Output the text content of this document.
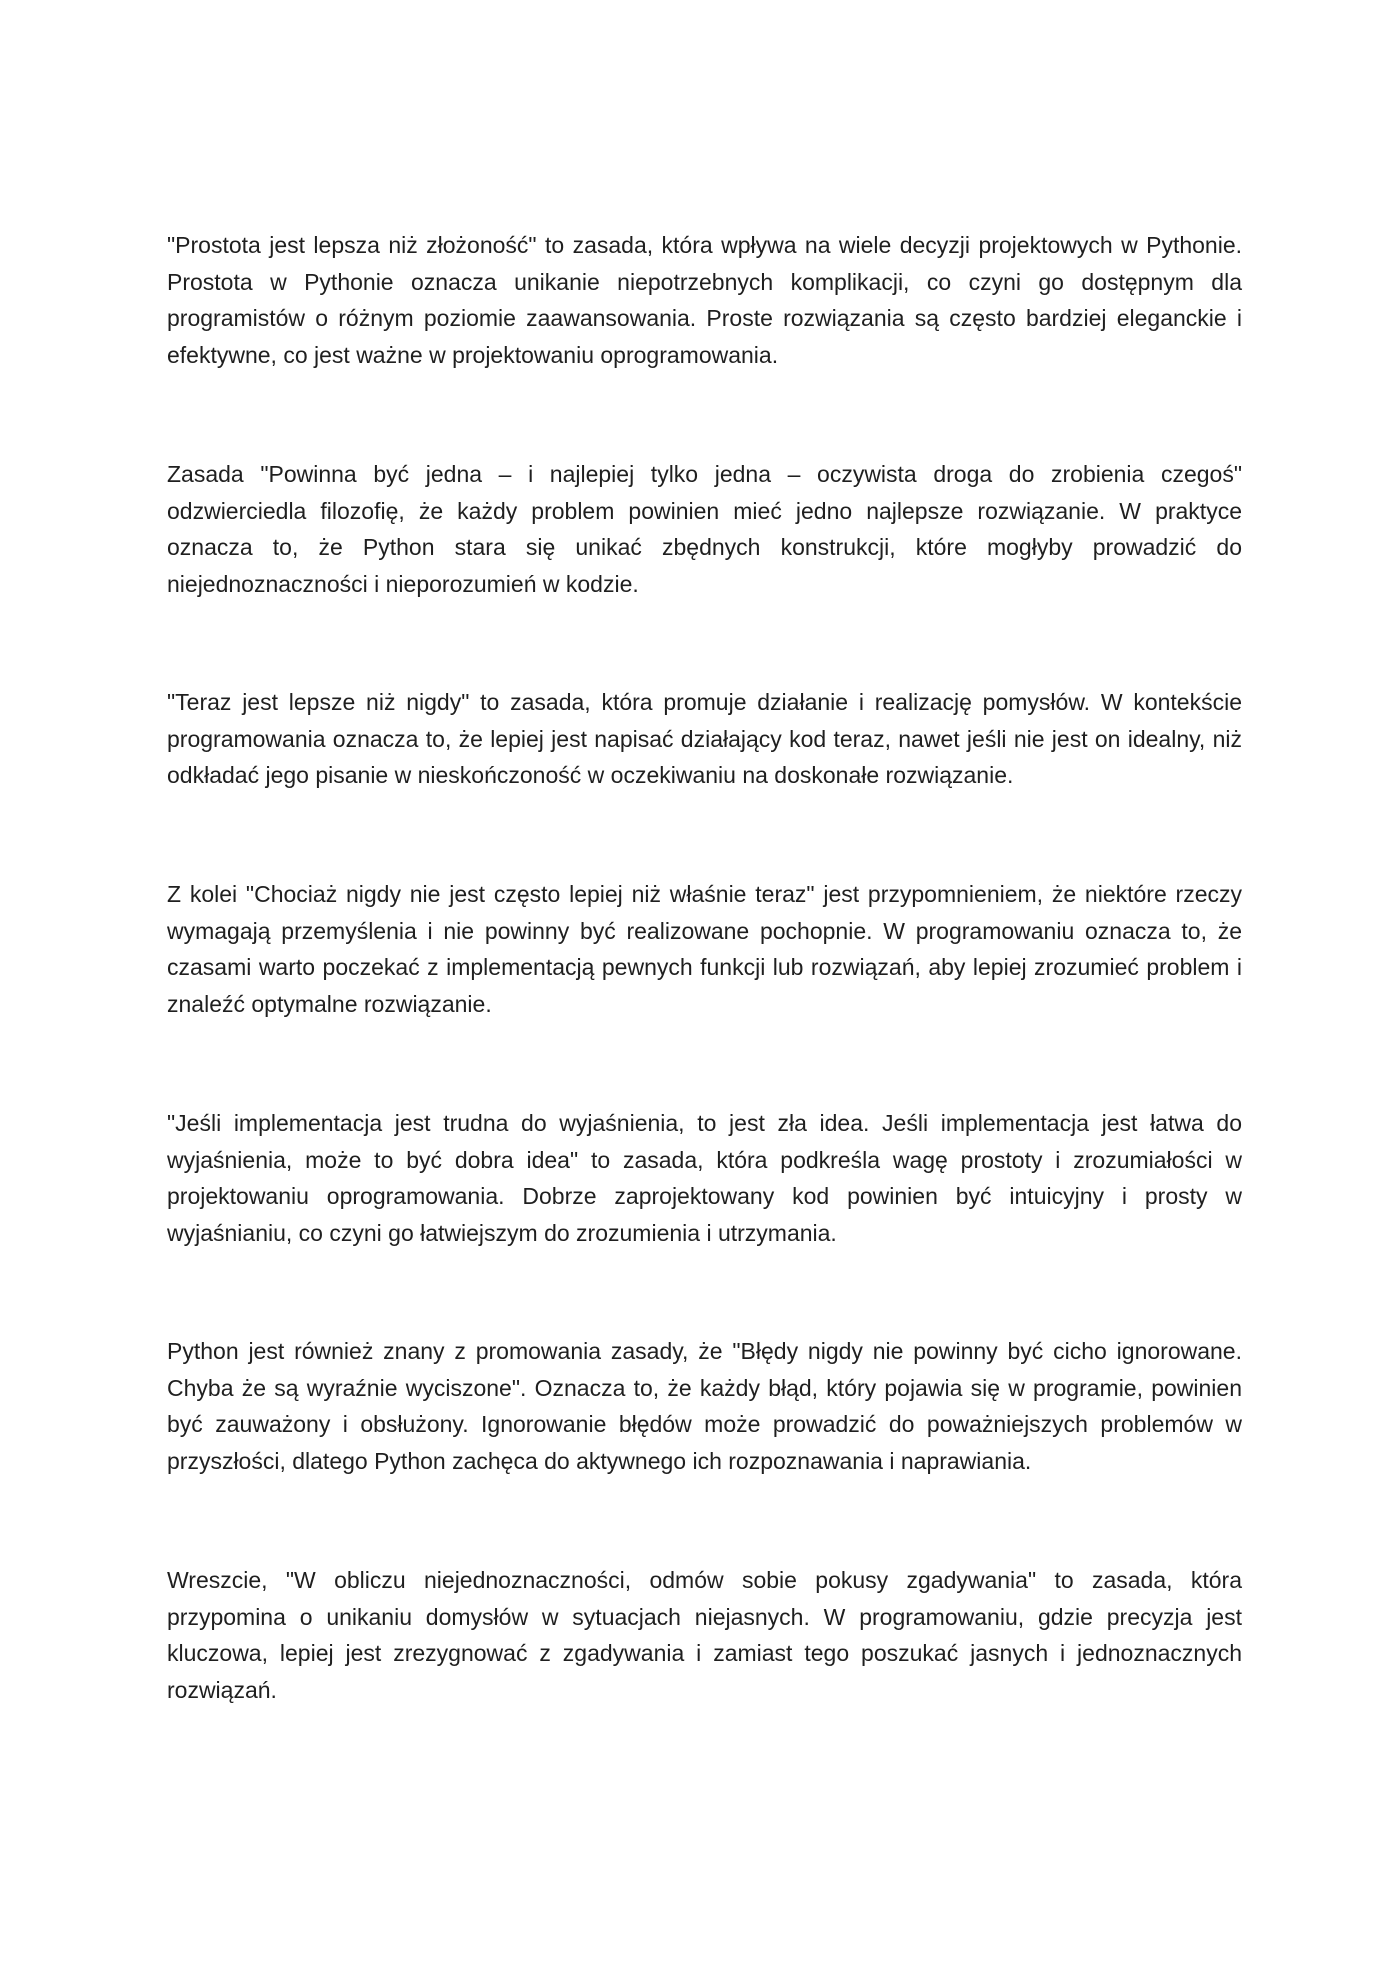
"Prostota jest lepsza niż złożoność" to zasada, która wpływa na wiele decyzji projektowych w Pythonie. Prostota w Pythonie oznacza unikanie niepotrzebnych komplikacji, co czyni go dostępnym dla programistów o różnym poziomie zaawansowania. Proste rozwiązania są często bardziej eleganckie i efektywne, co jest ważne w projektowaniu oprogramowania.

Zasada "Powinna być jedna – i najlepiej tylko jedna – oczywista droga do zrobienia czegoś" odzwierciedla filozofię, że każdy problem powinien mieć jedno najlepsze rozwiązanie. W praktyce oznacza to, że Python stara się unikać zbędnych konstrukcji, które mogłyby prowadzić do niejednoznaczności i nieporozumień w kodzie.

"Teraz jest lepsze niż nigdy" to zasada, która promuje działanie i realizację pomysłów. W kontekście programowania oznacza to, że lepiej jest napisać działający kod teraz, nawet jeśli nie jest on idealny, niż odkładać jego pisanie w nieskończoność w oczekiwaniu na doskonałe rozwiązanie.

Z kolei "Chociaż nigdy nie jest często lepiej niż właśnie teraz" jest przypomnieniem, że niektóre rzeczy wymagają przemyślenia i nie powinny być realizowane pochopnie. W programowaniu oznacza to, że czasami warto poczekać z implementacją pewnych funkcji lub rozwiązań, aby lepiej zrozumieć problem i znaleźć optymalne rozwiązanie.

"Jeśli implementacja jest trudna do wyjaśnienia, to jest zła idea. Jeśli implementacja jest łatwa do wyjaśnienia, może to być dobra idea" to zasada, która podkreśla wagę prostoty i zrozumiałości w projektowaniu oprogramowania. Dobrze zaprojektowany kod powinien być intuicyjny i prosty w wyjaśnianiu, co czyni go łatwiejszym do zrozumienia i utrzymania.

Python jest również znany z promowania zasady, że "Błędy nigdy nie powinny być cicho ignorowane. Chyba że są wyraźnie wyciszone". Oznacza to, że każdy błąd, który pojawia się w programie, powinien być zauważony i obsłużony. Ignorowanie błędów może prowadzić do poważniejszych problemów w przyszłości, dlatego Python zachęca do aktywnego ich rozpoznawania i naprawiania.

Wreszcie, "W obliczu niejednoznaczności, odmów sobie pokusy zgadywania" to zasada, która przypomina o unikaniu domysłów w sytuacjach niejasnych. W programowaniu, gdzie precyzja jest kluczowa, lepiej jest zrezygnować z zgadywania i zamiast tego poszukać jasnych i jednoznacznych rozwiązań.
